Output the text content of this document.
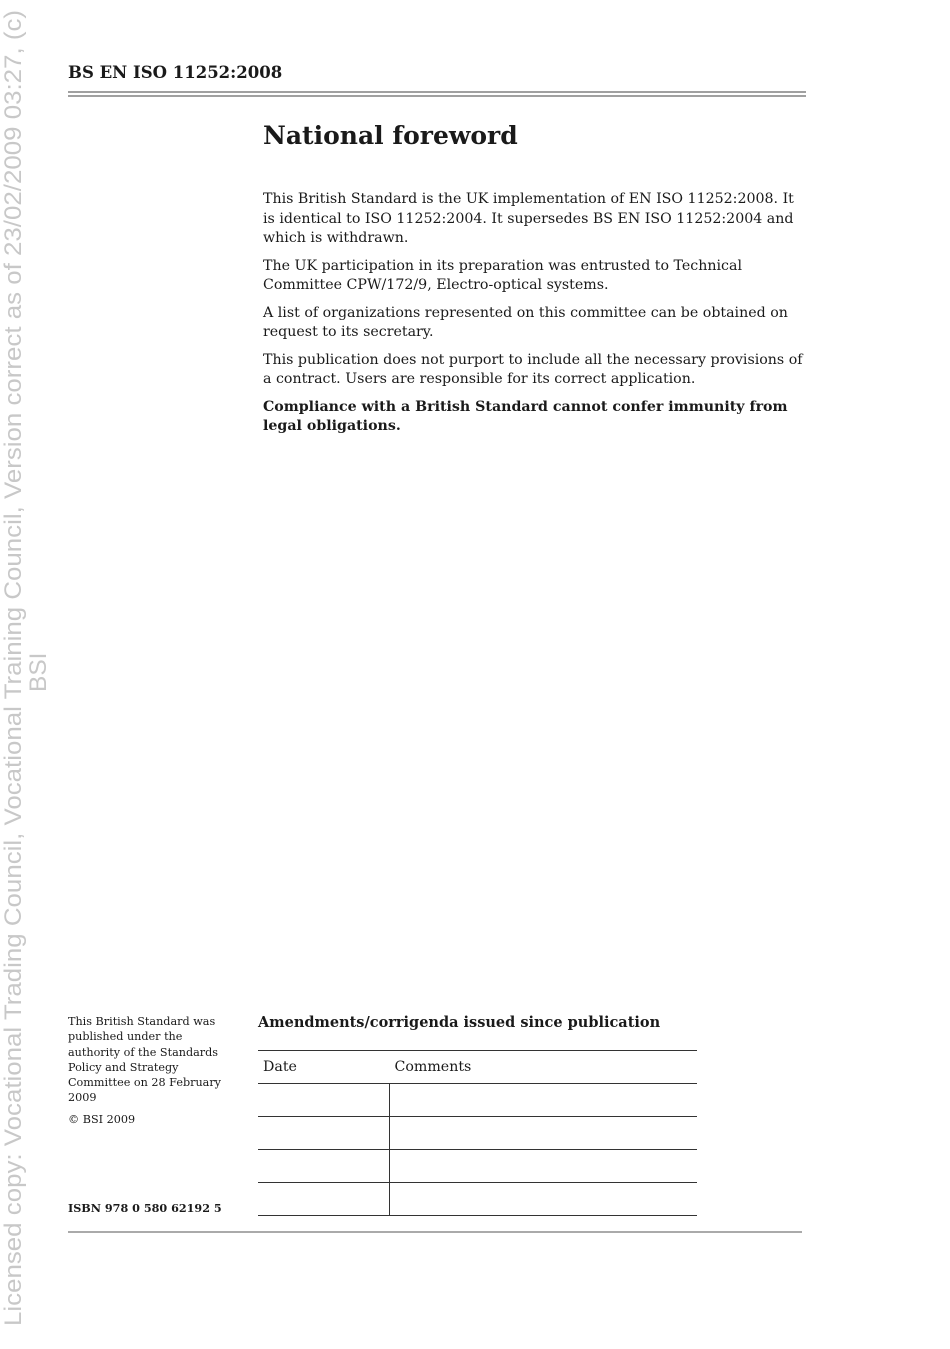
Licensed copy: Vocational Trading Council, Vocational Training Council, Version correct as of 23/02/2009 03:27, (c)
BSI
BS EN ISO 11252:2008
National foreword

This British Standard is the UK implementation of EN ISO 11252:2008. It is identical to ISO 11252:2004. It supersedes BS EN ISO 11252:2004 and which is withdrawn.

The UK participation in its preparation was entrusted to Technical Committee CPW/172/9, Electro-optical systems.

A list of organizations represented on this committee can be obtained on request to its secretary.

This publication does not purport to include all the necessary provisions of a contract. Users are responsible for its correct application.

Compliance with a British Standard cannot confer immunity from legal obligations.

This British Standard was published under the authority of the Standards Policy and Strategy Committee on 28 February 2009

© BSI 2009

ISBN 978 0 580 62192 5
Amendments/corrigenda issued since publication
Date	Comments
